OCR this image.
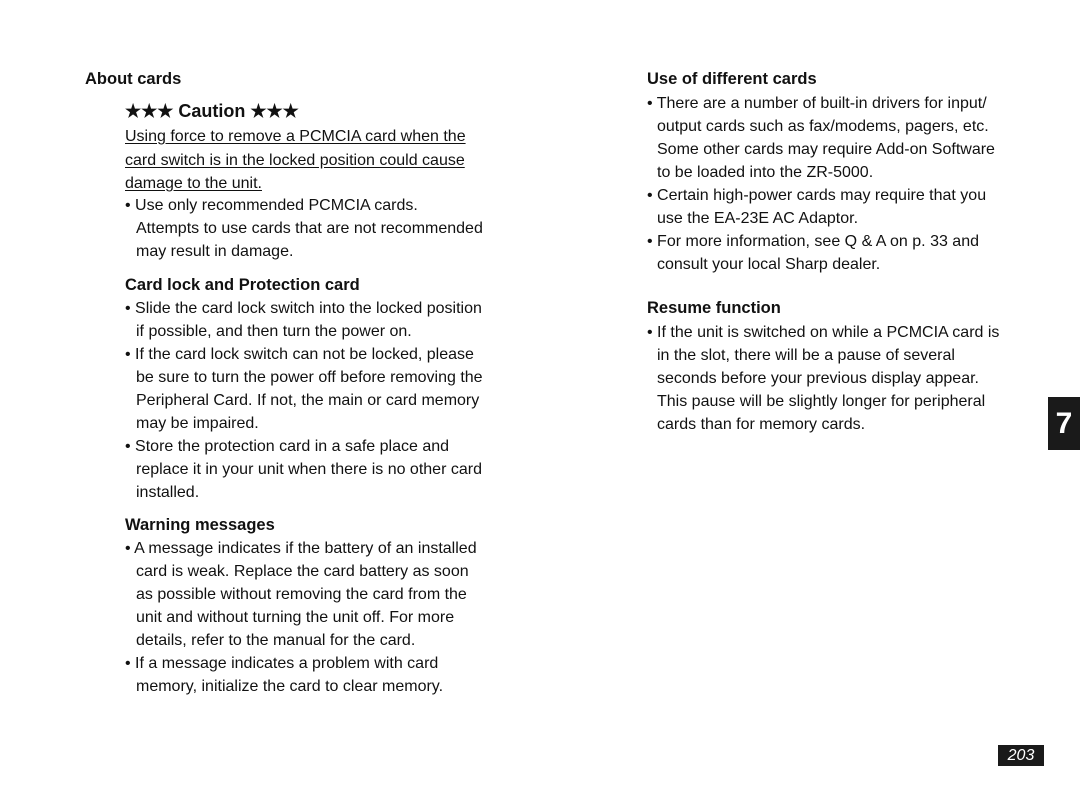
About cards
★★★ Caution ★★★
Using force to remove a PCMCIA card when the
card switch is in the locked position could cause
damage to the unit.
• Use only recommended PCMCIA cards.
Attempts to use cards that are not recommended
may result in damage.
Card lock and Protection card
• Slide the card lock switch into the locked position
if possible, and then turn the power on.
• If the card lock switch can not be locked, please
be sure to turn the power off before removing the
Peripheral Card. If not, the main or card memory
may be impaired.
• Store the protection card in a safe place and
replace it in your unit when there is no other card
installed.
Warning messages
• A message indicates if the battery of an installed
card is weak. Replace the card battery as soon
as possible without removing the card from the
unit and without turning the unit off. For more
details, refer to the manual for the card.
• If a message indicates a problem with card
memory, initialize the card to clear memory.
Use of different cards
• There are a number of built-in drivers for input/
output cards such as fax/modems, pagers, etc.
Some other cards may require Add-on Software
to be loaded into the ZR-5000.
• Certain high-power cards may require that you
use the EA-23E AC Adaptor.
• For more information, see Q & A on p. 33 and
consult your local Sharp dealer.
Resume function
• If the unit is switched on while a PCMCIA card is
in the slot, there will be a pause of several
seconds before your previous display appear.
This pause will be slightly longer for peripheral
cards than for memory cards.	7
203
